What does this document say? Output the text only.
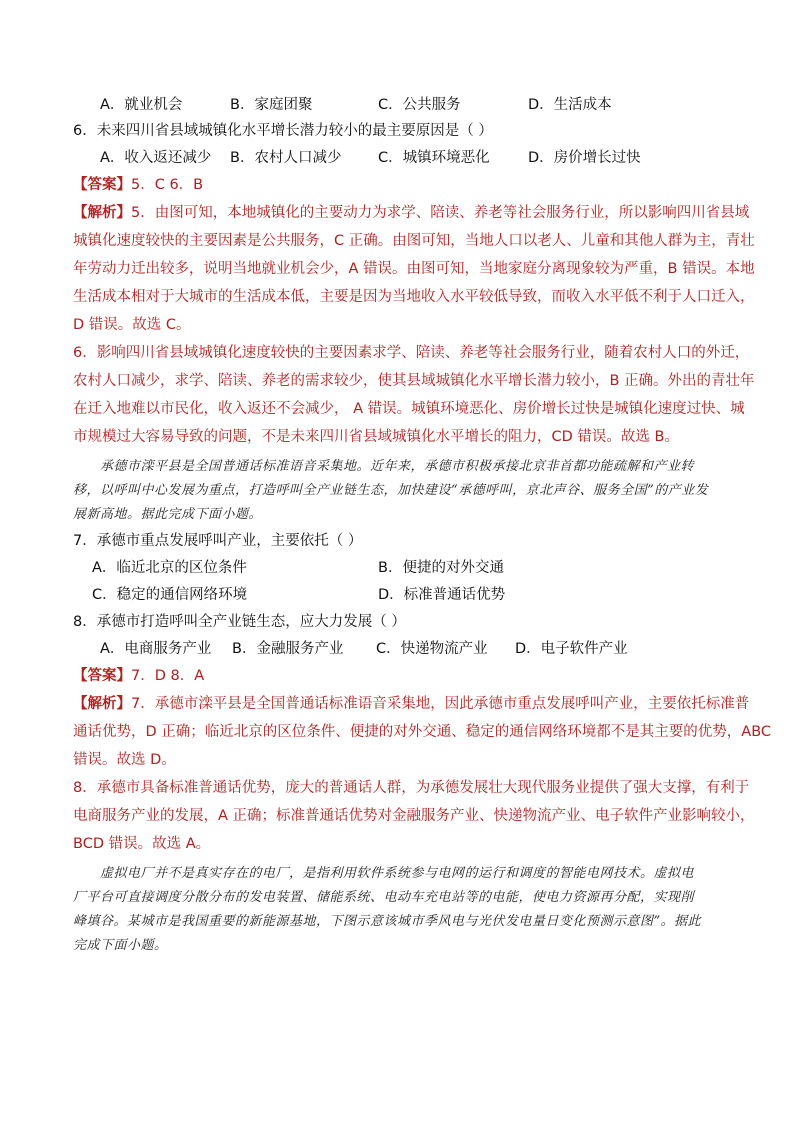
A．就业机会	B．家庭团聚	C．公共服务	D．生活成本
6．未来四川省县域城镇化水平增长潜力较小的最主要原因是（ ）
A．收入返还减少 B．农村人口减少	C．城镇环境恶化	D．房价增长过快
【答案】5．C 6．B
【解析】5．由图可知，本地城镇化的主要动力为求学、陪读、养老等社会服务行业，所以影响四川省县域
城镇化速度较快的主要因素是公共服务，C 正确。由图可知，当地人口以老人、儿童和其他人群为主，青壮
年劳动力迁出较多，说明当地就业机会少，A 错误。由图可知，当地家庭分离现象较为严重，B 错误。本地
生活成本相对于大城市的生活成本低，主要是因为当地收入水平较低导致，而收入水平低不利于人口迁入，
D 错误。故选 C。
6．影响四川省县域城镇化速度较快的主要因素求学、陪读、养老等社会服务行业，随着农村人口的外迁，
农村人口减少，求学、陪读、养老的需求较少，使其县域城镇化水平增长潜力较小，B 正确。外出的青壮年
在迁入地难以市民化，收入返还不会减少， A 错误。城镇环境恶化、房价增长过快是城镇化速度过快、城
市规模过大容易导致的问题，不是未来四川省县域城镇化水平增长的阻力，CD 错误。故选 B。
承德市滦平县是全国普通话标准语音采集地。近年来，承德市积极承接北京非首都功能疏解和产业转
移，以呼叫中心发展为重点，打造呼叫全产业链生态，加快建设“承德呼叫，京北声谷、服务全国”的产业发
展新高地。据此完成下面小题。
7．承德市重点发展呼叫产业，主要依托（ ）
A．临近北京的区位条件	B．便捷的对外交通
C．稳定的通信网络环境	D．标准普通话优势
8．承德市打造呼叫全产业链生态，应大力发展（ ）
A．电商服务产业 B．金融服务产业 C．快递物流产业 D．电子软件产业
【答案】7．D 8．A
【解析】7．承德市滦平县是全国普通话标准语音采集地，因此承德市重点发展呼叫产业，主要依托标准普
通话优势，D 正确；临近北京的区位条件、便捷的对外交通、稳定的通信网络环境都不是其主要的优势，ABC
错误。故选 D。
8．承德市具备标准普通话优势，庞大的普通话人群，为承德发展壮大现代服务业提供了强大支撑，有利于
电商服务产业的发展，A 正确；标准普通话优势对金融服务产业、快递物流产业、电子软件产业影响较小，
BCD 错误。故选 A。
虚拟电厂并不是真实存在的电厂，是指利用软件系统参与电网的运行和调度的智能电网技术。虚拟电
厂平台可直接调度分散分布的发电装置、储能系统、电动车充电站等的电能，使电力资源再分配，实现削
峰填谷。某城市是我国重要的新能源基地，下图示意该城市季风电与光伏发电量日变化预测示意图”。据此
完成下面小题。
